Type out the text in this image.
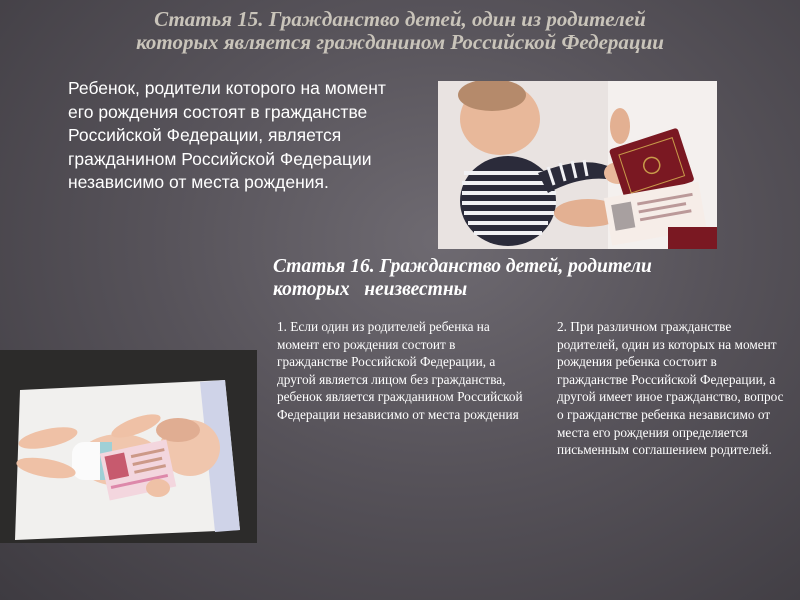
Статья 15. Гражданство детей, один из родителей
которых является гражданином Российской Федерации
Ребенок, родители которого на момент его рождения состоят в гражданстве Российской Федерации, является гражданином Российской Федерации независимо от места рождения.
Статья 16. Гражданство детей, родители
которых   неизвестны
1. Если один из родителей ребенка на момент его рождения состоит в гражданстве Российской Федерации, а другой является лицом без гражданства, ребенок является гражданином Российской Федерации независимо от места рождения
2. При различном гражданстве родителей, один из которых на момент рождения ребенка состоит в гражданстве Российской Федерации, а другой имеет иное гражданство, вопрос о гражданстве ребенка независимо от места его рождения определяется письменным соглашением родителей.
